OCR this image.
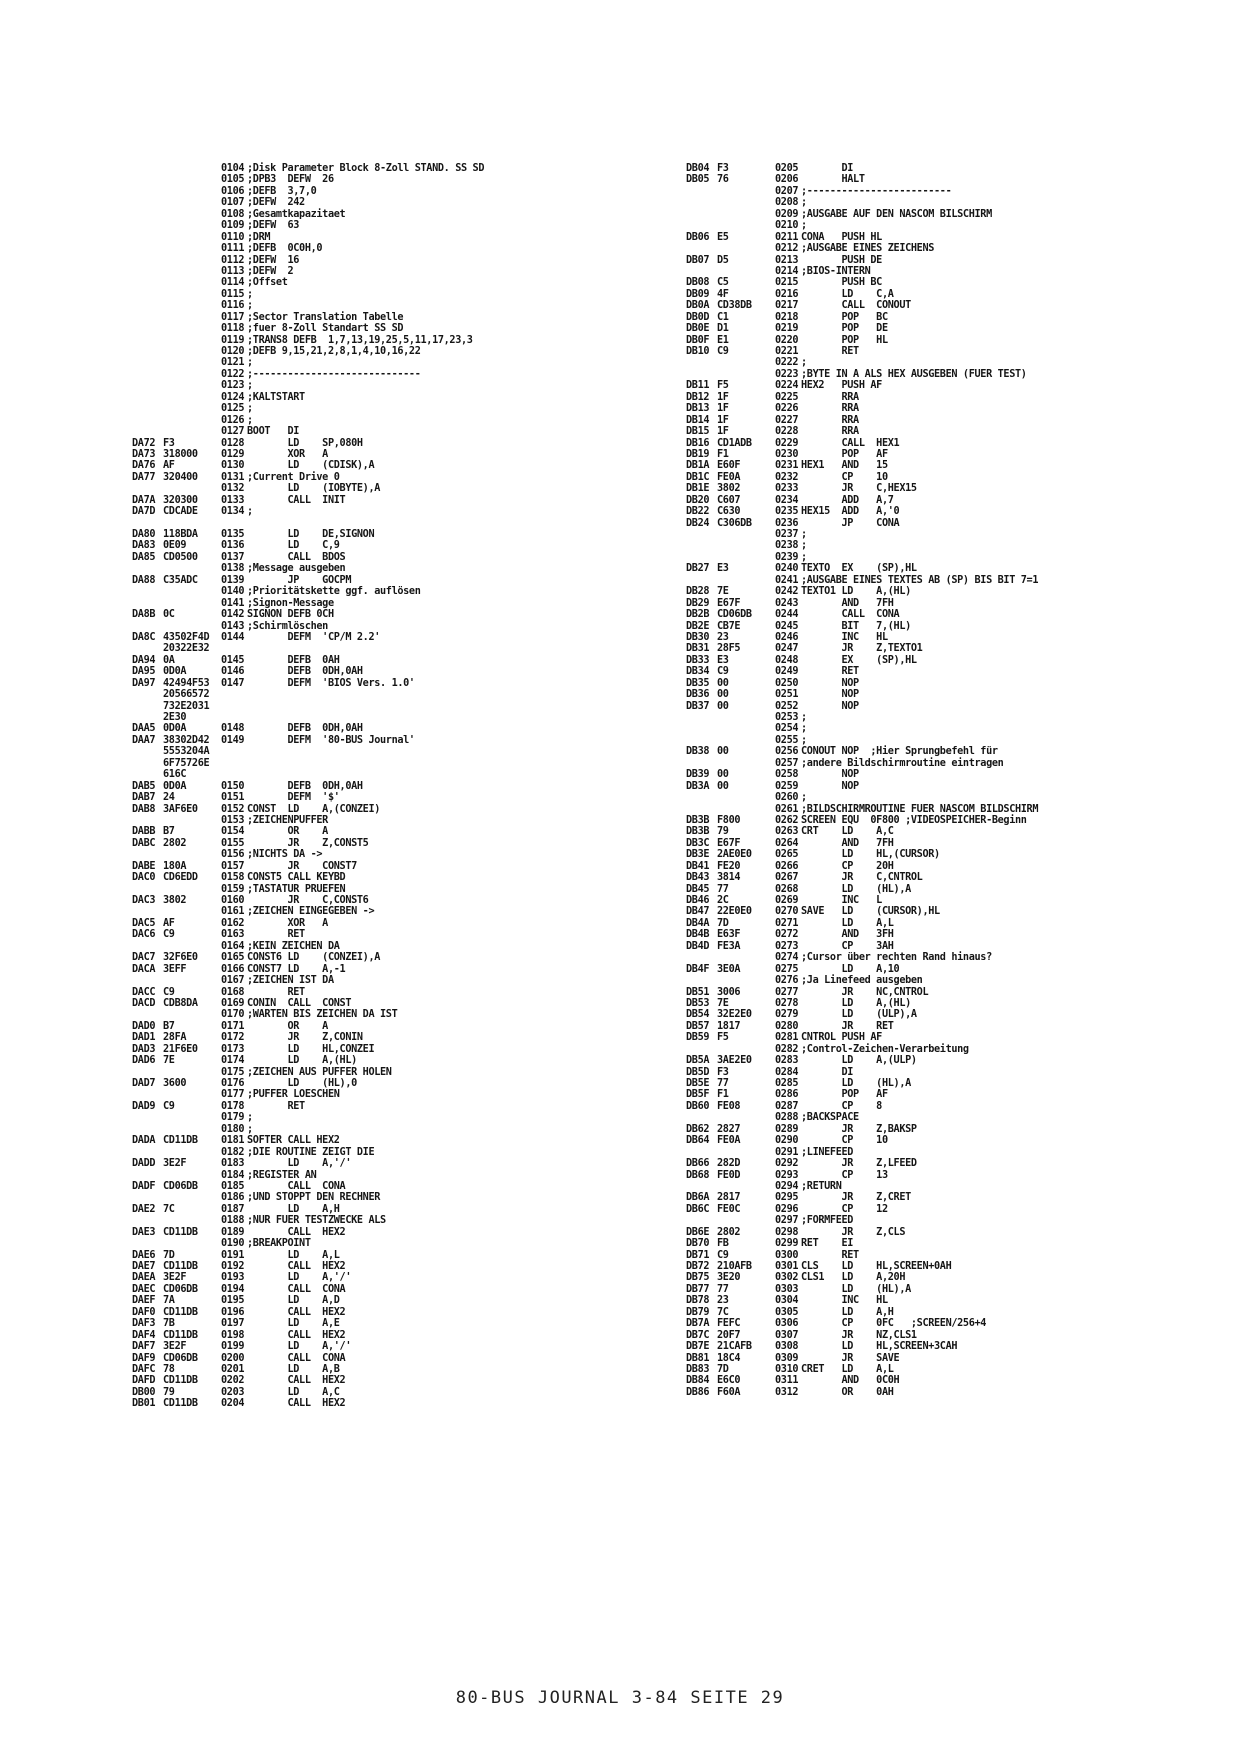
0104 ;Disk Parameter Block 8-Zoll STAND. SS SD
0105 ;DPB3  DEFW  26
0106 ;DEFB  3,7,0
0107 ;DEFW  242
0108 ;Gesamtkapazitaet
0109 ;DEFW  63
0110 ;DRM
0111 ;DEFB  0C0H,0
0112 ;DEFW  16
0113 ;DEFW  2
0114 ;Offset
0115 ;
0116 ;
0117 ;Sector Translation Tabelle
0118 ;fuer 8-Zoll Standart SS SD
0119 ;TRANS8 DEFB  1,7,13,19,25,5,11,17,23,3
0120 ;DEFB 9,15,21,2,8,1,4,10,16,22
0121 ;
0122 ;-----------------------------
0123 ;
0124 ;KALTSTART
0125 ;
0126 ;
0127 BOOT   DI
DA72 F3	0128 LD    SP,080H
DA73 318000	0129 XOR   A
DA76 AF	0130 LD    (CDISK),A
DA77 320400	0131 ;Current Drive 0
0132 LD    (IOBYTE),A
DA7A 320300	0133 CALL  INIT
DA7D CDCADE	0134 ;
DA80 118BDA	0135 LD    DE,SIGNON
DA83 0E09	0136 LD    C,9
DA85 CD0500	0137 CALL  BDOS
0138 ;Message ausgeben
DA88 C35ADC	0139 JP    GOCPM
0140 ;Prioritätskette ggf. auflösen
0141 ;Signon-Message
DA8B 0C	0142 SIGNON DEFB 0CH
0143 ;Schirmlöschen
DA8C 43502F4D	0144 DEFM  'CP/M 2.2'
20322E32
DA94 0A	0145 DEFB  0AH
DA95 0D0A	0146 DEFB  0DH,0AH
DA97 42494F53	0147 DEFM  'BIOS Vers. 1.0'
20566572
732E2031
2E30
DAA5 0D0A	0148 DEFB  0DH,0AH
DAA7 38302D42	0149 DEFM  '80-BUS Journal'
5553204A
6F75726E
616C
DAB5 0D0A	0150 DEFB  0DH,0AH
DAB7 24	0151 DEFM  '$'
DAB8 3AF6E0	0152 CONST  LD    A,(CONZEI)
0153 ;ZEICHENPUFFER
DABB B7	0154 OR    A
DABC 2802	0155 JR    Z,CONST5
0156 ;NICHTS DA ->
DABE 180A	0157 JR    CONST7
DAC0 CD6EDD	0158 CONST5 CALL KEYBD
0159 ;TASTATUR PRUEFEN
DAC3 3802	0160 JR    C,CONST6
0161 ;ZEICHEN EINGEGEBEN ->
DAC5 AF	0162 XOR   A
DAC6 C9	0163 RET
0164 ;KEIN ZEICHEN DA
DAC7 32F6E0	0165 CONST6 LD    (CONZEI),A
DACA 3EFF	0166 CONST7 LD    A,-1
0167 ;ZEICHEN IST DA
DACC C9	0168 RET
DACD CDB8DA	0169 CONIN  CALL  CONST
0170 ;WARTEN BIS ZEICHEN DA IST
DAD0 B7	0171 OR    A
DAD1 28FA	0172 JR    Z,CONIN
DAD3 21F6E0	0173 LD    HL,CONZEI
DAD6 7E	0174 LD    A,(HL)
0175 ;ZEICHEN AUS PUFFER HOLEN
DAD7 3600	0176 LD    (HL),0
0177 ;PUFFER LOESCHEN
DAD9 C9	0178 RET
0179 ;
0180 ;
DADA CD11DB	0181 SOFTER CALL HEX2
0182 ;DIE ROUTINE ZEIGT DIE
DADD 3E2F	0183 LD    A,'/'
0184 ;REGISTER AN
DADF CD06DB	0185 CALL  CONA
0186 ;UND STOPPT DEN RECHNER
DAE2 7C	0187 LD    A,H
0188 ;NUR FUER TESTZWECKE ALS
DAE3 CD11DB	0189 CALL  HEX2
0190 ;BREAKPOINT
DAE6 7D	0191 LD    A,L
DAE7 CD11DB	0192 CALL  HEX2
DAEA 3E2F	0193 LD    A,'/'
DAEC CD06DB	0194 CALL  CONA
DAEF 7A	0195 LD    A,D
DAF0 CD11DB	0196 CALL  HEX2
DAF3 7B	0197 LD    A,E
DAF4 CD11DB	0198 CALL  HEX2
DAF7 3E2F	0199 LD    A,'/'
DAF9 CD06DB	0200 CALL  CONA
DAFC 78	0201 LD    A,B
DAFD CD11DB	0202 CALL  HEX2
DB00 79	0203 LD    A,C
DB01 CD11DB	0204 CALL  HEX2
DB04 F3	0205 DI
DB05 76	0206 HALT
0207 ;-------------------------
0208 ;
0209 ;AUSGABE AUF DEN NASCOM BILSCHIRM
0210 ;
DB06 E5	0211 CONA   PUSH HL
0212 ;AUSGABE EINES ZEICHENS
DB07 D5	0213 PUSH DE
0214 ;BIOS-INTERN
DB08 C5	0215 PUSH BC
DB09 4F	0216 LD    C,A
DB0A CD38DB	0217 CALL  CONOUT
DB0D C1	0218 POP   BC
DB0E D1	0219 POP   DE
DB0F E1	0220 POP   HL
DB10 C9	0221 RET
0222 ;
0223 ;BYTE IN A ALS HEX AUSGEBEN (FUER TEST)
DB11 F5	0224 HEX2   PUSH AF
DB12 1F	0225 RRA
DB13 1F	0226 RRA
DB14 1F	0227 RRA
DB15 1F	0228 RRA
DB16 CD1ADB	0229 CALL  HEX1
DB19 F1	0230 POP   AF
DB1A E60F	0231 HEX1   AND   15
DB1C FE0A	0232 CP    10
DB1E 3802	0233 JR    C,HEX15
DB20 C607	0234 ADD   A,7
DB22 C630	0235 HEX15  ADD   A,'0
DB24 C306DB	0236 JP    CONA
0237 ;
0238 ;
0239 ;
DB27 E3	0240 TEXTO  EX    (SP),HL
0241 ;AUSGABE EINES TEXTES AB (SP) BIS BIT 7=1
DB28 7E	0242 TEXTO1 LD    A,(HL)
DB29 E67F	0243 AND   7FH
DB2B CD06DB	0244 CALL  CONA
DB2E CB7E	0245 BIT   7,(HL)
DB30 23	0246 INC   HL
DB31 28F5	0247 JR    Z,TEXTO1
DB33 E3	0248 EX    (SP),HL
DB34 C9	0249 RET
DB35 00	0250 NOP
DB36 00	0251 NOP
DB37 00	0252 NOP
0253 ;
0254 ;
0255 ;
DB38 00	0256 CONOUT NOP  ;Hier Sprungbefehl für
0257 ;andere Bildschirmroutine eintragen
DB39 00	0258 NOP
DB3A 00	0259 NOP
0260 ;
0261 ;BILDSCHIRMROUTINE FUER NASCOM BILDSCHIRM
DB3B F800	0262 SCREEN EQU  0F800 ;VIDEOSPEICHER-Beginn
DB3B 79	0263 CRT    LD    A,C
DB3C E67F	0264 AND   7FH
DB3E 2AE0E0	0265 LD    HL,(CURSOR)
DB41 FE20	0266 CP    20H
DB43 3814	0267 JR    C,CNTROL
DB45 77	0268 LD    (HL),A
DB46 2C	0269 INC   L
DB47 22E0E0	0270 SAVE   LD    (CURSOR),HL
DB4A 7D	0271 LD    A,L
DB4B E63F	0272 AND   3FH
DB4D FE3A	0273 CP    3AH
0274 ;Cursor über rechten Rand hinaus?
DB4F 3E0A	0275 LD    A,10
0276 ;Ja Linefeed ausgeben
DB51 3006	0277 JR    NC,CNTROL
DB53 7E	0278 LD    A,(HL)
DB54 32E2E0	0279 LD    (ULP),A
DB57 1817	0280 JR    RET
DB59 F5	0281 CNTROL PUSH AF
0282 ;Control-Zeichen-Verarbeitung
DB5A 3AE2E0	0283 LD    A,(ULP)
DB5D F3	0284 DI
DB5E 77	0285 LD    (HL),A
DB5F F1	0286 POP   AF
DB60 FE08	0287 CP    8
0288 ;BACKSPACE
DB62 2827	0289 JR    Z,BAKSP
DB64 FE0A	0290 CP    10
0291 ;LINEFEED
DB66 282D	0292 JR    Z,LFEED
DB68 FE0D	0293 CP    13
0294 ;RETURN
DB6A 2817	0295 JR    Z,CRET
DB6C FE0C	0296 CP    12
0297 ;FORMFEED
DB6E 2802	0298 JR    Z,CLS
DB70 FB	0299 RET    EI
DB71 C9	0300 RET
DB72 210AFB	0301 CLS    LD    HL,SCREEN+0AH
DB75 3E20	0302 CLS1   LD    A,20H
DB77 77	0303 LD    (HL),A
DB78 23	0304 INC   HL
DB79 7C	0305 LD    A,H
DB7A FEFC	0306 CP    0FC   ;SCREEN/256+4
DB7C 20F7	0307 JR    NZ,CLS1
DB7E 21CAFB	0308 LD    HL,SCREEN+3CAH
DB81 18C4	0309 JR    SAVE
DB83 7D	0310 CRET   LD    A,L
DB84 E6C0	0311 AND   0C0H
DB86 F60A	0312 OR    0AH
80-BUS JOURNAL 3-84 SEITE 29
